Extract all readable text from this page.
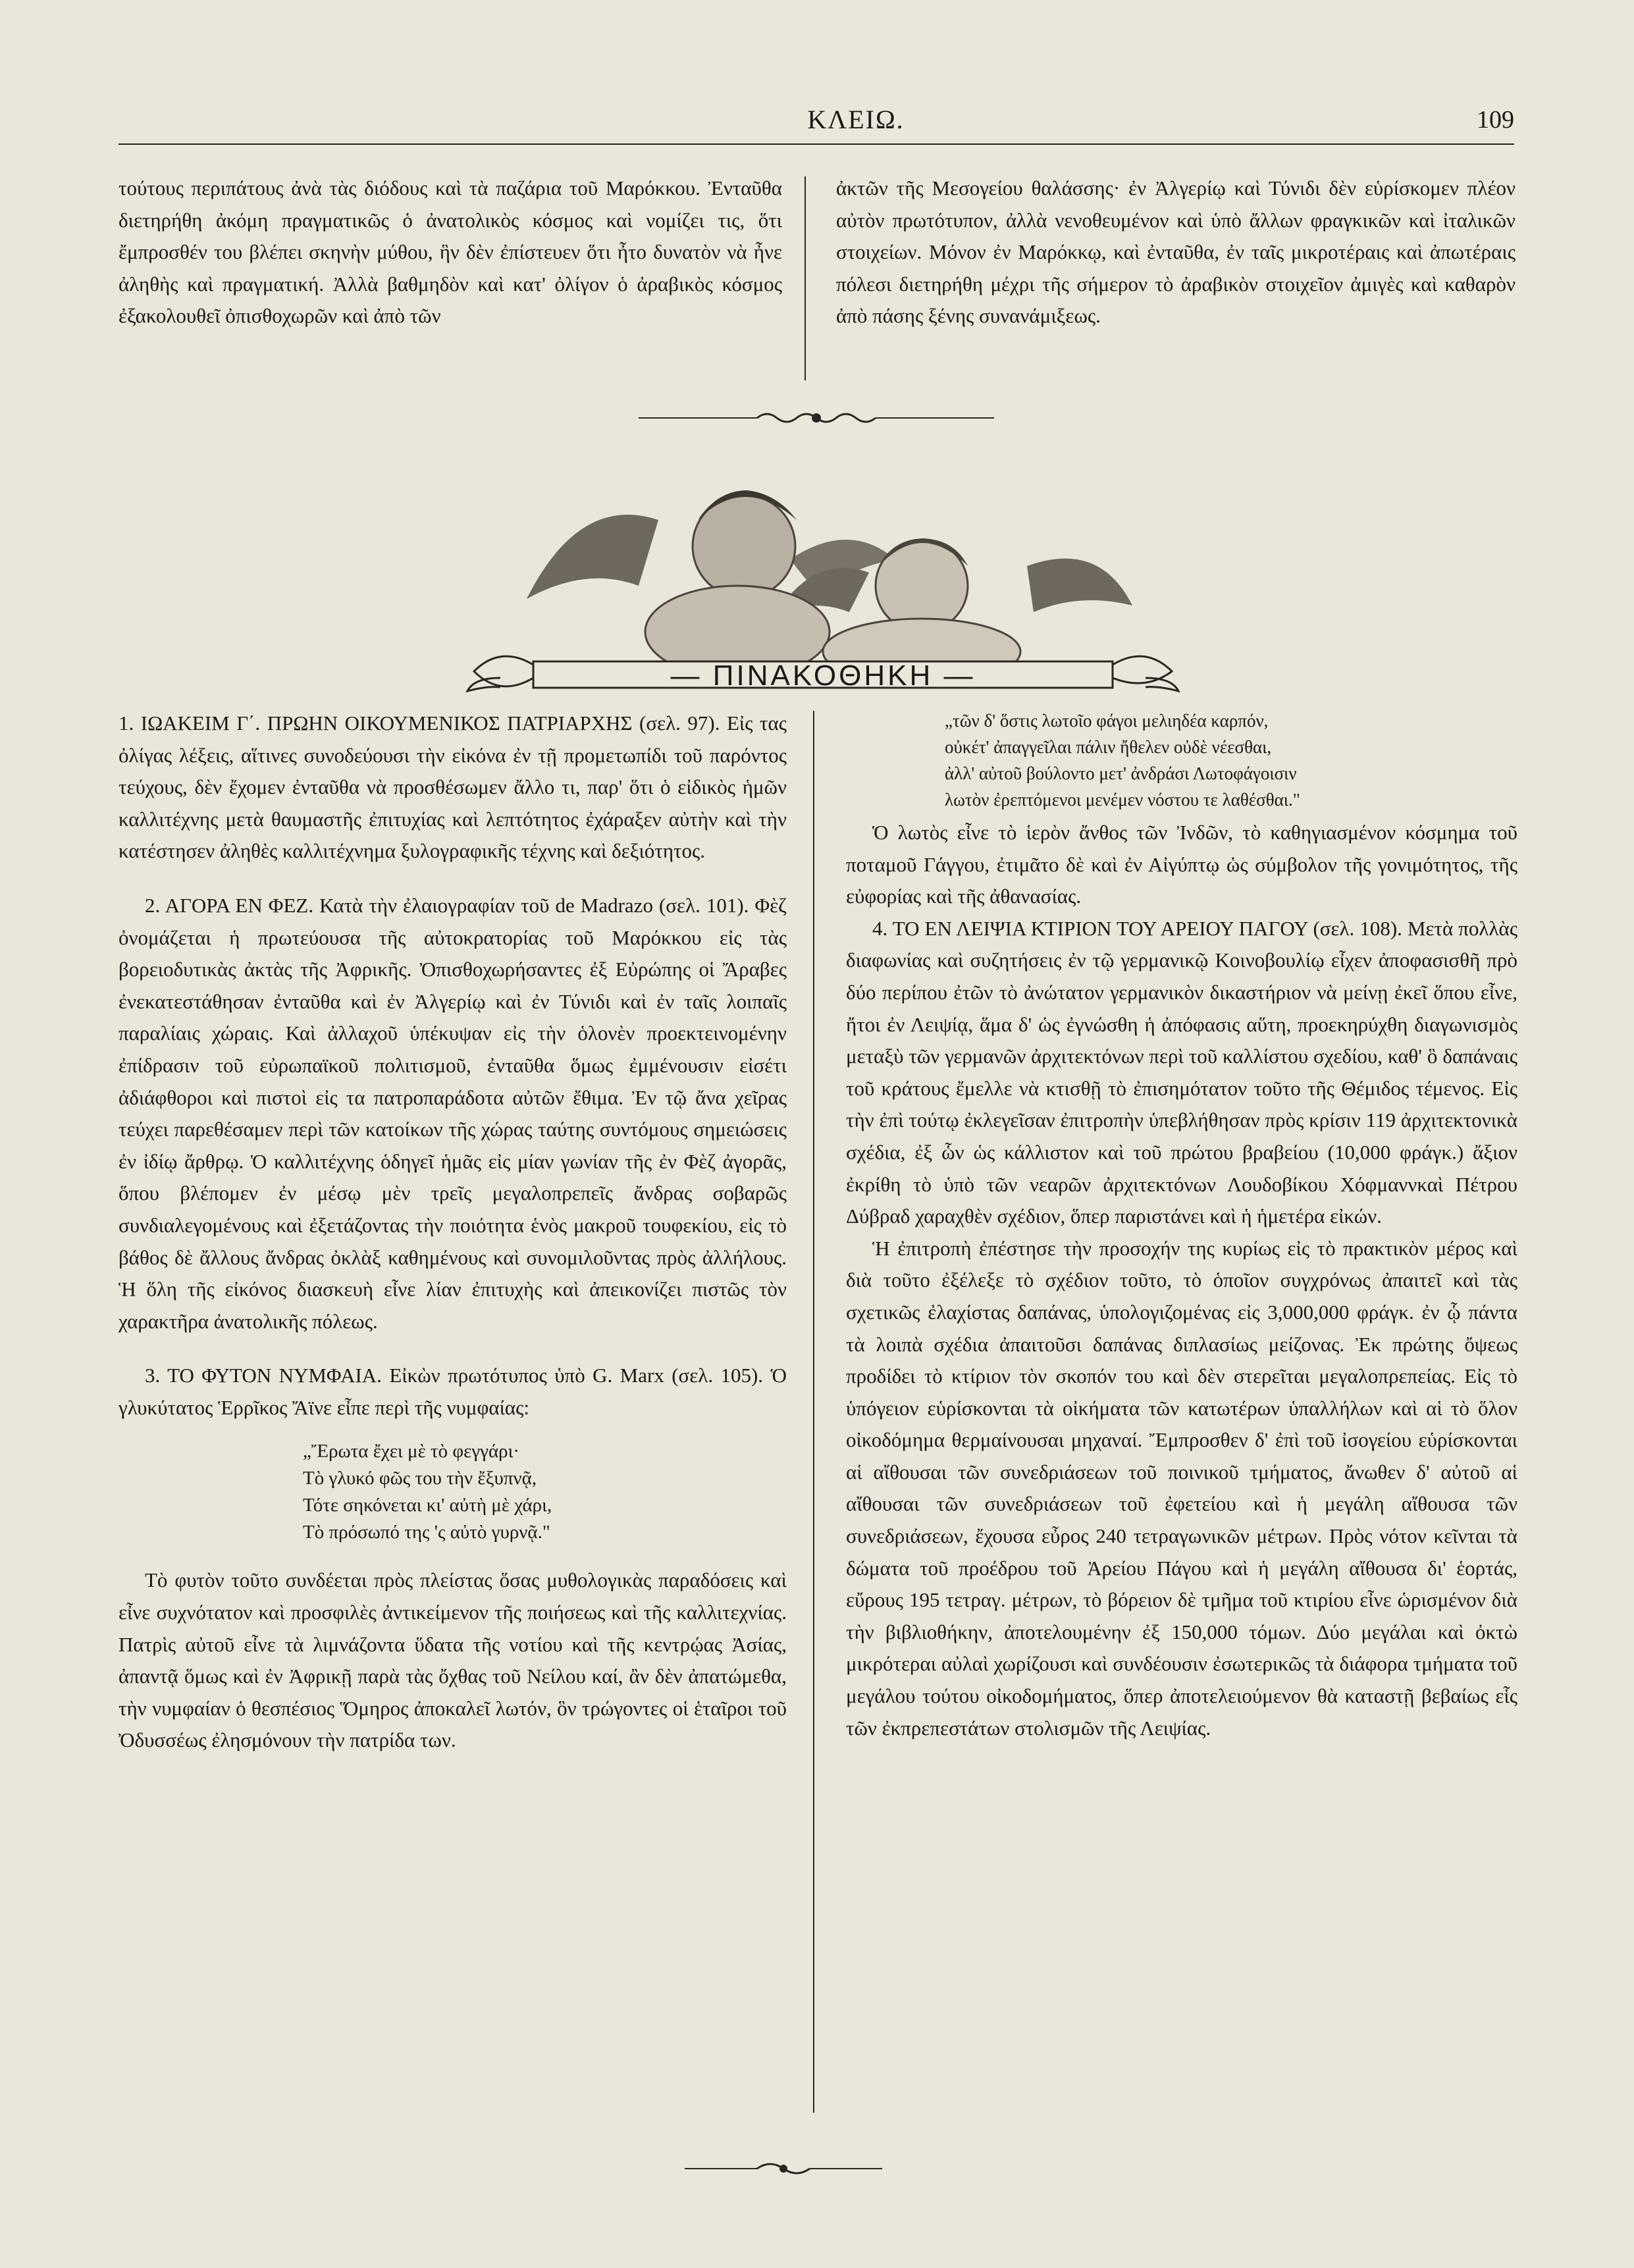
ΚΛΕΙΩ.	109

τούτους περιπάτους ἀνὰ τὰς διόδους καὶ τὰ παζάρια τοῦ Μαρόκκου. Ἐνταῦθα διετηρήθη ἀκόμη πραγματικῶς ὁ ἀνατολικὸς κόσμος καὶ νομίζει τις, ὅτι ἔμπροσθέν του βλέπει σκηνὴν μύθου, ἣν δὲν ἐπίστευεν ὅτι ἦτο δυνατὸν νὰ ἦνε ἀληθὴς καὶ πραγματική. Ἀλλὰ βαθμηδὸν καὶ κατ' ὀλίγον ὁ ἀραβικὸς κόσμος ἐξακολουθεῖ ὀπισθοχωρῶν καὶ ἀπὸ τῶν

ἀκτῶν τῆς Μεσογείου θαλάσσης· ἐν Ἀλγερίῳ καὶ Τύνιδι δὲν εὑρίσκομεν πλέον αὐτὸν πρωτότυπον, ἀλλὰ νενοθευμένον καὶ ὑπὸ ἄλλων φραγκικῶν καὶ ἰταλικῶν στοιχείων. Μόνον ἐν Μαρόκκῳ, καὶ ἐνταῦθα, ἐν ταῖς μικροτέραις καὶ ἀπωτέραις πόλεσι διετηρήθη μέχρι τῆς σήμερον τὸ ἀραβικὸν στοιχεῖον ἀμιγὲς καὶ καθαρὸν ἀπὸ πάσης ξένης συνανάμιξεως.

— ΠΙΝΑΚΟΘΗΚΗ —

1. ΙΩΑΚΕΙΜ Γ΄. ΠΡΩΗΝ ΟΙΚΟΥΜΕΝΙΚΟΣ ΠΑΤΡΙΑΡΧΗΣ (σελ. 97). Εἰς τας ὀλίγας λέξεις, αἵτινες συνοδεύουσι τὴν εἰκόνα ἐν τῇ προμετωπίδι τοῦ παρόντος τεύχους, δὲν ἔχομεν ἐνταῦθα νὰ προσθέσωμεν ἄλλο τι, παρ' ὅτι ὁ εἰδικὸς ἡμῶν καλλιτέχνης μετὰ θαυμαστῆς ἐπιτυχίας καὶ λεπτότητος ἐχάραξεν αὐτὴν καὶ τὴν κατέστησεν ἀληθὲς καλλιτέχνημα ξυλογραφικῆς τέχνης καὶ δεξιότητος.

2. ΑΓΟΡΑ ΕΝ ΦΕΖ. Κατὰ τὴν ἐλαιογραφίαν τοῦ de Madrazo (σελ. 101). Φὲζ ὀνομάζεται ἡ πρωτεύουσα τῆς αὐτοκρατορίας τοῦ Μαρόκκου εἰς τὰς βορειοδυτικὰς ἀκτὰς τῆς Ἀφρικῆς. Ὀπισθοχωρήσαντες ἐξ Εὐρώπης οἱ Ἄραβες ἐνεκατεστάθησαν ἐνταῦθα καὶ ἐν Ἀλγερίῳ καὶ ἐν Τύνιδι καὶ ἐν ταῖς λοιπαῖς παραλίαις χώραις. Καὶ ἀλλαχοῦ ὑπέκυψαν εἰς τὴν ὁλονὲν προεκτεινομένην ἐπίδρασιν τοῦ εὐρωπαϊκοῦ πολιτισμοῦ, ἐνταῦθα ὅμως ἐμμένουσιν εἰσέτι ἀδιάφθοροι καὶ πιστοὶ εἰς τα πατροπαράδοτα αὐτῶν ἔθιμα. Ἐν τῷ ἄνα χεῖρας τεύχει παρεθέσαμεν περὶ τῶν κατοίκων τῆς χώρας ταύτης συντόμους σημειώσεις ἐν ἰδίῳ ἄρθρῳ. Ὁ καλλιτέχνης ὁδηγεῖ ἡμᾶς εἰς μίαν γωνίαν τῆς ἐν Φὲζ ἀγορᾶς, ὅπου βλέπομεν ἐν μέσῳ μὲν τρεῖς μεγαλοπρεπεῖς ἄνδρας σοβαρῶς συνδιαλεγομένους καὶ ἐξετάζοντας τὴν ποιότητα ἑνὸς μακροῦ τουφεκίου, εἰς τὸ βάθος δὲ ἄλλους ἄνδρας ὀκλὰξ καθημένους καὶ συνομιλοῦντας πρὸς ἀλλήλους. Ἡ ὅλη τῆς εἰκόνος διασκευὴ εἶνε λίαν ἐπιτυχὴς καὶ ἀπεικονίζει πιστῶς τὸν χαρακτῆρα ἀνατολικῆς πόλεως.

3. ΤΟ ΦΥΤΟΝ ΝΥΜΦΑΙΑ. Εἰκὼν πρωτότυπος ὑπὸ G. Marx (σελ. 105). Ὁ γλυκύτατος Ἑρρῖκος Ἄϊνε εἶπε περὶ τῆς νυμφαίας:

„Ἔρωτα ἔχει μὲ τὸ φεγγάρι·
Τὸ γλυκό φῶς του τὴν ἔξυπνᾷ,
Τότε σηκόνεται κι' αὐτὴ μὲ χάρι,
Τὸ πρόσωπό της 'ς αὐτὸ γυρνᾷ."

Τὸ φυτὸν τοῦτο συνδέεται πρὸς πλείστας ὅσας μυθολογικὰς παραδόσεις καὶ εἶνε συχνότατον καὶ προσφιλὲς ἀντικείμενον τῆς ποιήσεως καὶ τῆς καλλιτεχνίας. Πατρὶς αὐτοῦ εἶνε τὰ λιμνάζοντα ὕδατα τῆς νοτίου καὶ τῆς κεντρῴας Ἀσίας, ἀπαντᾷ ὅμως καὶ ἐν Ἀφρικῇ παρὰ τὰς ὄχθας τοῦ Νείλου καί, ἂν δὲν ἀπατώμεθα, τὴν νυμφαίαν ὁ θεσπέσιος Ὅμηρος ἀποκαλεῖ λωτόν, ὃν τρώγοντες οἱ ἑταῖροι τοῦ Ὀδυσσέως ἐλησμόνουν τὴν πατρίδα των.

„τῶν δ' ὅστις λωτοῖο φάγοι μελιηδέα καρπόν,
οὐκέτ' ἀπαγγεῖλαι πάλιν ἤθελεν οὐδὲ νέεσθαι,
ἀλλ' αὐτοῦ βούλοντο μετ' ἀνδράσι Λωτοφάγοισιν
λωτὸν ἐρεπτόμενοι μενέμεν νόστου τε λαθέσθαι."

Ὁ λωτὸς εἶνε τὸ ἱερὸν ἄνθος τῶν Ἰνδῶν, τὸ καθηγιασμένον κόσμημα τοῦ ποταμοῦ Γάγγου, ἐτιμᾶτο δὲ καὶ ἐν Αἰγύπτῳ ὡς σύμβολον τῆς γονιμότητος, τῆς εὐφορίας καὶ τῆς ἀθανασίας.

4. ΤΟ ΕΝ ΛΕΙΨΙΑ ΚΤΙΡΙΟΝ ΤΟΥ ΑΡΕΙΟΥ ΠΑΓΟΥ (σελ. 108). Μετὰ πολλὰς διαφωνίας καὶ συζητήσεις ἐν τῷ γερμανικῷ Κοινοβουλίῳ εἶχεν ἀποφασισθῆ πρὸ δύο περίπου ἐτῶν τὸ ἀνώτατον γερμανικὸν δικαστήριον νὰ μείνῃ ἐκεῖ ὅπου εἶνε, ἤτοι ἐν Λειψίᾳ, ἅμα δ' ὡς ἐγνώσθη ἡ ἀπόφασις αὕτη, προεκηρύχθη διαγωνισμὸς μεταξὺ τῶν γερμανῶν ἀρχιτεκτόνων περὶ τοῦ καλλίστου σχεδίου, καθ' ὃ δαπάναις τοῦ κράτους ἔμελλε νὰ κτισθῇ τὸ ἐπισημότατον τοῦτο τῆς Θέμιδος τέμενος. Εἰς τὴν ἐπὶ τούτῳ ἐκλεγεῖσαν ἐπιτροπὴν ὑπεβλήθησαν πρὸς κρίσιν 119 ἀρχιτεκτονικὰ σχέδια, ἐξ ὧν ὡς κάλλιστον καὶ τοῦ πρώτου βραβείου (10,000 φράγκ.) ἄξιον ἐκρίθη τὸ ὑπὸ τῶν νεαρῶν ἀρχιτεκτόνων Λουδοβίκου Χόφμαννκαὶ Πέτρου Δύβραδ χαραχθὲν σχέδιον, ὅπερ παριστάνει καὶ ἡ ἡμετέρα εἰκών.

Ἡ ἐπιτροπὴ ἐπέστησε τὴν προσοχήν της κυρίως εἰς τὸ πρακτικὸν μέρος καὶ διὰ τοῦτο ἐξέλεξε τὸ σχέδιον τοῦτο, τὸ ὁποῖον συγχρόνως ἀπαιτεῖ καὶ τὰς σχετικῶς ἐλαχίστας δαπάνας, ὑπολογιζομένας εἰς 3,000,000 φράγκ. ἐν ᾧ πάντα τὰ λοιπὰ σχέδια ἀπαιτοῦσι δαπάνας διπλασίως μείζονας. Ἐκ πρώτης ὄψεως προδίδει τὸ κτίριον τὸν σκοπόν του καὶ δὲν στερεῖται μεγαλοπρεπείας. Εἰς τὸ ὑπόγειον εὑρίσκονται τὰ οἰκήματα τῶν κατωτέρων ὑπαλλήλων καὶ αἱ τὸ ὅλον οἰκοδόμημα θερμαίνουσαι μηχαναί. Ἔμπροσθεν δ' ἐπὶ τοῦ ἰσογείου εὑρίσκονται αἱ αἴθουσαι τῶν συνεδριάσεων τοῦ ποινικοῦ τμήματος, ἄνωθεν δ' αὐτοῦ αἱ αἴθουσαι τῶν συνεδριάσεων τοῦ ἐφετείου καὶ ἡ μεγάλη αἴθουσα τῶν συνεδριάσεων, ἔχουσα εὖρος 240 τετραγωνικῶν μέτρων. Πρὸς νότον κεῖνται τὰ δώματα τοῦ προέδρου τοῦ Ἀρείου Πάγου καὶ ἡ μεγάλη αἴθουσα δι' ἑορτάς, εὔρους 195 τετραγ. μέτρων, τὸ βόρειον δὲ τμῆμα τοῦ κτιρίου εἶνε ὡρισμένον διὰ τὴν βιβλιοθήκην, ἀποτελουμένην ἐξ 150,000 τόμων. Δύο μεγάλαι καὶ ὀκτὼ μικρότεραι αὐλαὶ χωρίζουσι καὶ συνδέουσιν ἐσωτερικῶς τὰ διάφορα τμήματα τοῦ μεγάλου τούτου οἰκοδομήματος, ὅπερ ἀποτελειούμενον θὰ καταστῇ βεβαίως εἷς τῶν ἐκπρεπεστάτων στολισμῶν τῆς Λειψίας.
